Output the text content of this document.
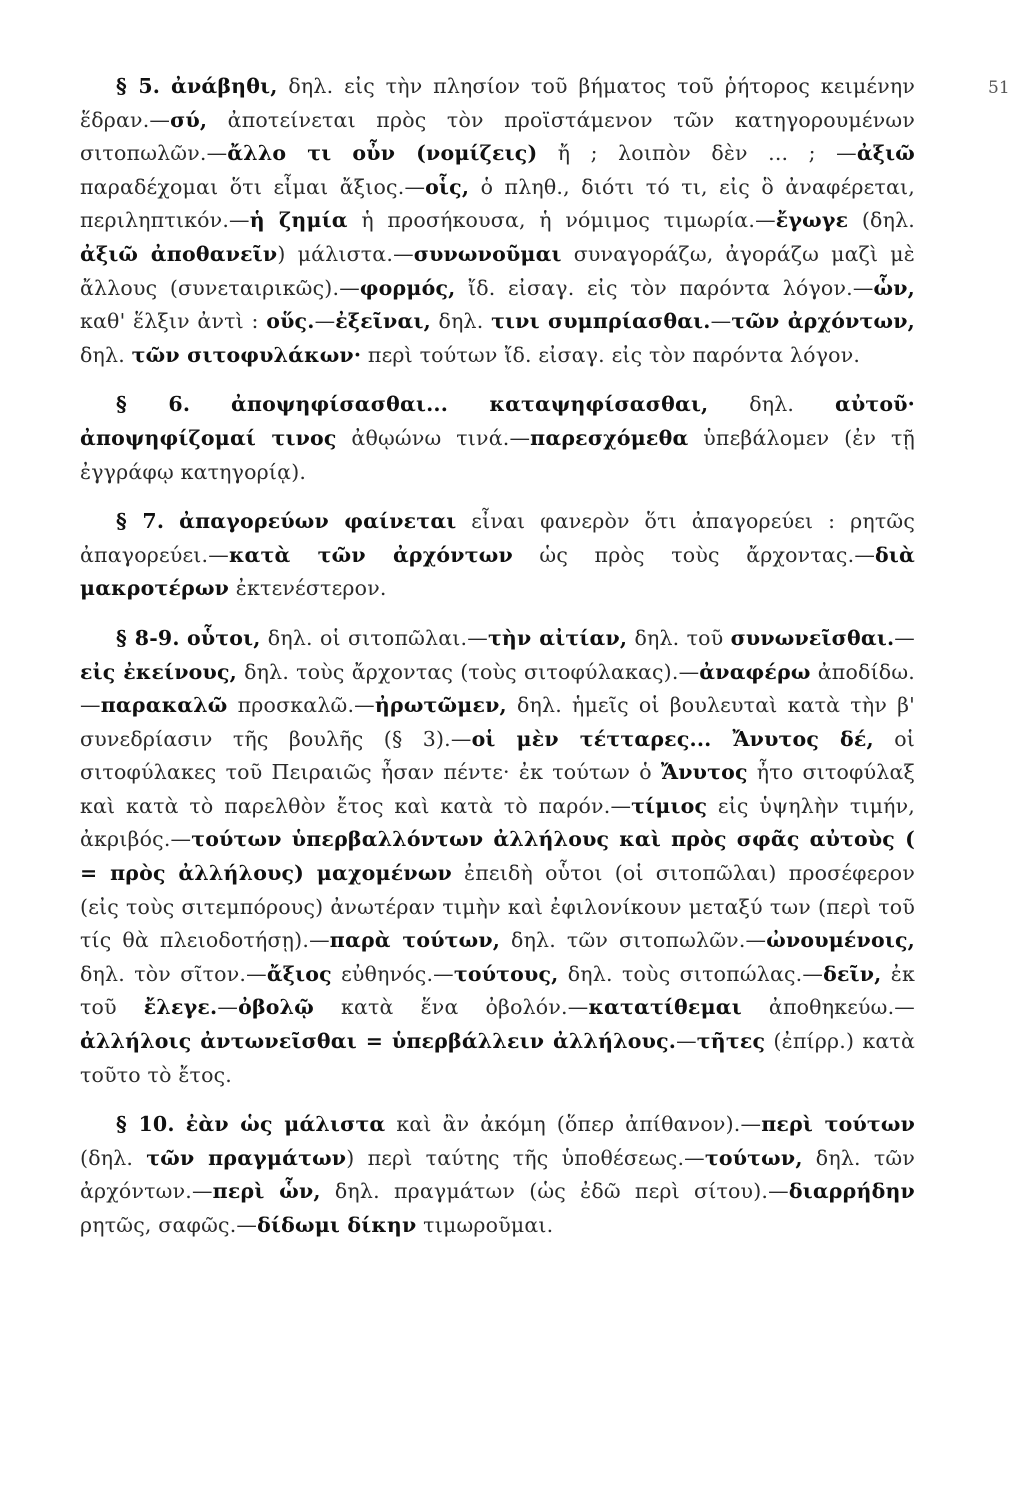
51

§ 5. ἀνάβηθι, δηλ. εἰς τὴν πλησίον τοῦ βήματος τοῦ ῥήτορος κειμένην ἕδραν.—σύ, ἀποτείνεται πρὸς τὸν προϊστάμενον τῶν κατηγορουμένων σιτοπωλῶν.—ἄλλο τι οὖν (νομίζεις) ἤ ; λοιπὸν δὲν ... ; —ἀξιῶ παραδέχομαι ὅτι εἶμαι ἄξιος.—οἷς, ὁ πληθ., διότι τό τι, εἰς ὃ ἀναφέρεται, περιληπτικόν.—ἡ ζημία ἡ προσήκουσα, ἡ νόμιμος τιμωρία.—ἔγωγε (δηλ. ἀξιῶ ἀποθανεῖν) μάλιστα.—συνωνοῦμαι συναγοράζω, ἀγοράζω μαζὶ μὲ ἄλλους (συνεταιρικῶς).—φορμός, ἴδ. εἰσαγ. εἰς τὸν παρόντα λόγον.—ὧν, καθ' ἕλξιν ἀντὶ : οὕς.—ἐξεῖναι, δηλ. τινι συμπρίασθαι.—τῶν ἀρχόντων, δηλ. τῶν σιτοφυλάκων· περὶ τούτων ἴδ. εἰσαγ. εἰς τὸν παρόντα λόγον.

§ 6. ἀποψηφίσασθαι... καταψηφίσασθαι, δηλ. αὐτοῦ· ἀποψηφίζομαί τινος ἀθῳώνω τινά.—παρεσχόμεθα ὑπεβάλομεν (ἐν τῇ ἐγγράφῳ κατηγορίᾳ).

§ 7. ἀπαγορεύων φαίνεται εἶναι φανερὸν ὅτι ἀπαγορεύει : ρητῶς ἀπαγορεύει.—κατὰ τῶν ἀρχόντων ὡς πρὸς τοὺς ἄρχοντας.—διὰ μακροτέρων ἐκτενέστερον.

§ 8-9. οὗτοι, δηλ. οἱ σιτοπῶλαι.—τὴν αἰτίαν, δηλ. τοῦ συνωνεῖσθαι.—εἰς ἐκείνους, δηλ. τοὺς ἄρχοντας (τοὺς σιτοφύλακας).—ἀναφέρω ἀποδίδω.—παρακαλῶ προσκαλῶ.—ἠρωτῶμεν, δηλ. ἡμεῖς οἱ βουλευταὶ κατὰ τὴν β' συνεδρίασιν τῆς βουλῆς (§ 3).—οἱ μὲν τέτταρες... Ἄνυτος δέ, οἱ σιτοφύλακες τοῦ Πειραιῶς ἦσαν πέντε· ἐκ τούτων ὁ Ἄνυτος ἦτο σιτοφύλαξ καὶ κατὰ τὸ παρελθὸν ἔτος καὶ κατὰ τὸ παρόν.—τίμιος εἰς ὑψηλὴν τιμήν, ἀκριβός.—τούτων ὑπερβαλλόντων ἀλλήλους καὶ πρὸς σφᾶς αὐτοὺς ( = πρὸς ἀλλήλους) μαχομένων ἐπειδὴ οὗτοι (οἱ σιτοπῶλαι) προσέφερον (εἰς τοὺς σιτεμπόρους) ἀνωτέραν τιμὴν καὶ ἐφιλονίκουν μεταξύ των (περὶ τοῦ τίς θὰ πλειοδοτήσῃ).—παρὰ τούτων, δηλ. τῶν σιτοπωλῶν.—ὠνουμένοις, δηλ. τὸν σῖτον.—ἄξιος εὐθηνός.—τούτους, δηλ. τοὺς σιτοπώλας.—δεῖν, ἐκ τοῦ ἔλεγε.—ὀβολῷ κατὰ ἕνα ὀβολόν.—κατατίθεμαι ἀποθηκεύω.—ἀλλήλοις ἀντωνεῖσθαι = ὑπερβάλλειν ἀλλήλους.—τῆτες (ἐπίρρ.) κατὰ τοῦτο τὸ ἔτος.

§ 10. ἐὰν ὡς μάλιστα καὶ ἂν ἀκόμη (ὅπερ ἀπίθανον).—περὶ τούτων (δηλ. τῶν πραγμάτων) περὶ ταύτης τῆς ὑποθέσεως.—τούτων, δηλ. τῶν ἀρχόντων.—περὶ ὧν, δηλ. πραγμάτων (ὡς ἐδῶ περὶ σίτου).—διαρρήδην ρητῶς, σαφῶς.—δίδωμι δίκην τιμωροῦμαι.
